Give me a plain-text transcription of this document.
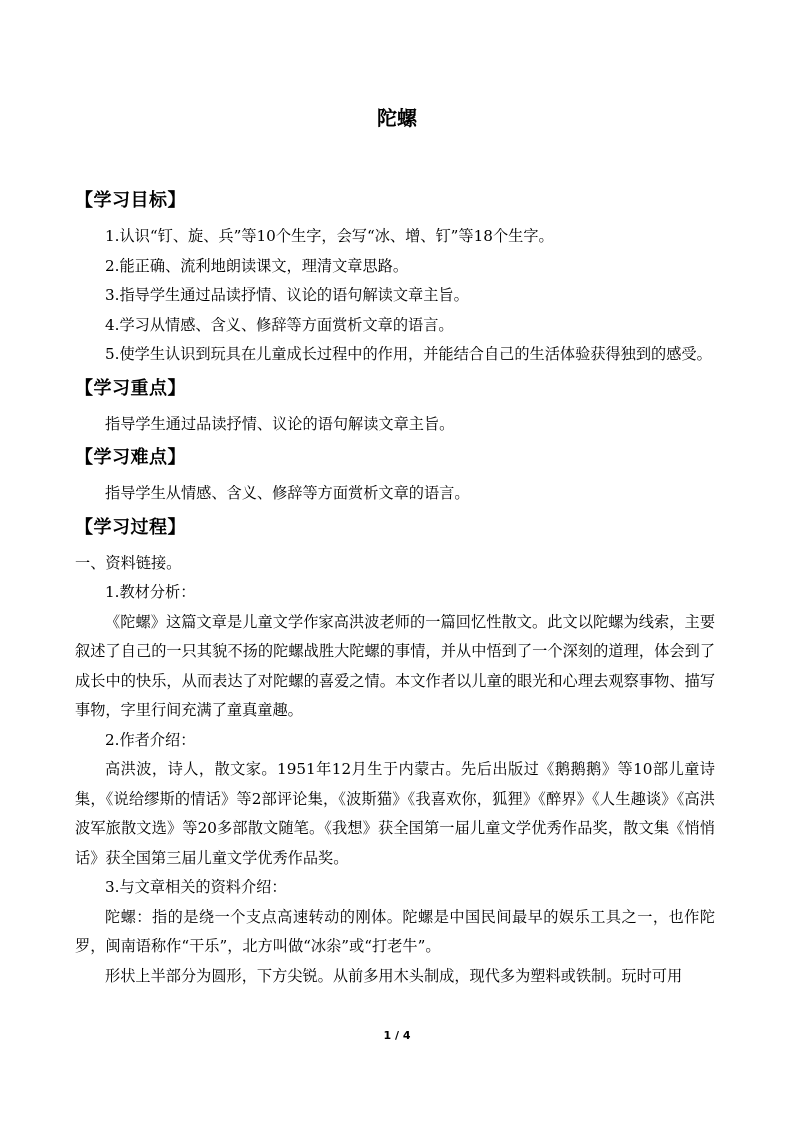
陀螺
【学习目标】
1.认识“钉、旋、兵”等10个生字，会写“冰、增、钉”等18个生字。
2.能正确、流利地朗读课文，理清文章思路。
3.指导学生通过品读抒情、议论的语句解读文章主旨。
4.学习从情感、含义、修辞等方面赏析文章的语言。
5.使学生认识到玩具在儿童成长过程中的作用，并能结合自己的生活体验获得独到的感受。
【学习重点】
指导学生通过品读抒情、议论的语句解读文章主旨。
【学习难点】
指导学生从情感、含义、修辞等方面赏析文章的语言。
【学习过程】
一、资料链接。
1.教材分析：
《陀螺》这篇文章是儿童文学作家高洪波老师的一篇回忆性散文。此文以陀螺为线索，主要叙述了自己的一只其貌不扬的陀螺战胜大陀螺的事情，并从中悟到了一个深刻的道理，体会到了成长中的快乐，从而表达了对陀螺的喜爱之情。本文作者以儿童的眼光和心理去观察事物、描写事物，字里行间充满了童真童趣。
2.作者介绍：
高洪波，诗人，散文家。1951年12月生于内蒙古。先后出版过《鹅鹅鹅》等10部儿童诗集，《说给缪斯的情话》等2部评论集，《波斯猫》《我喜欢你，狐狸》《醉界》《人生趣谈》《高洪波军旅散文选》等20多部散文随笔。《我想》获全国第一届儿童文学优秀作品奖，散文集《悄悄话》获全国第三届儿童文学优秀作品奖。
3.与文章相关的资料介绍：
陀螺：指的是绕一个支点高速转动的刚体。陀螺是中国民间最早的娱乐工具之一，也作陀罗，闽南语称作“干乐”，北方叫做“冰尜”或“打老牛”。
形状上半部分为圆形，下方尖锐。从前多用木头制成，现代多为塑料或铁制。玩时可用
1 / 4
